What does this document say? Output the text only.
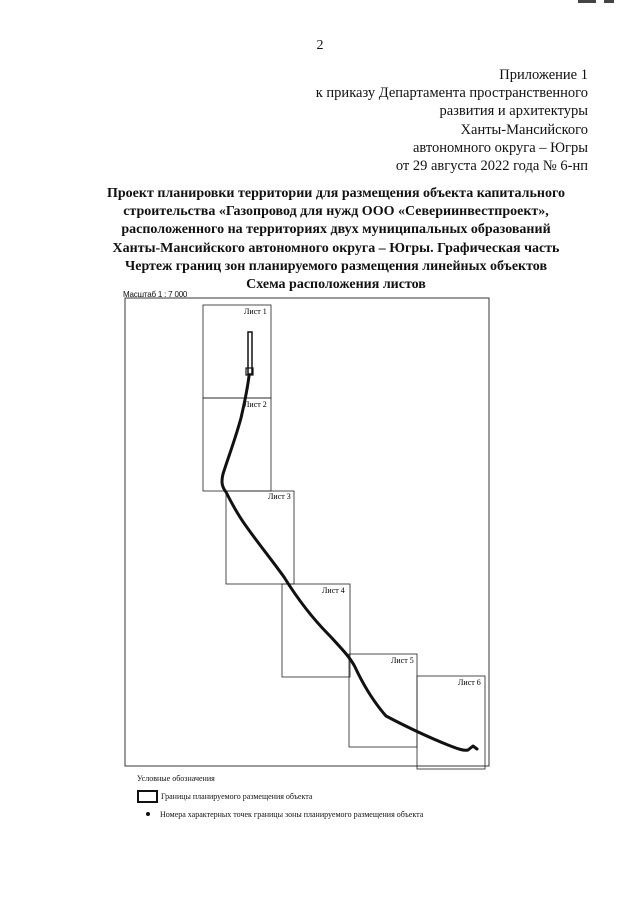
2
Приложение 1
к приказу Департамента пространственного
развития и архитектуры
Ханты-Мансийского
автономного округа – Югры
от 29 августа 2022 года № 6-нп
Проект планировки территории для размещения объекта капитального
строительства «Газопровод для нужд ООО «Севериинвестпроект»,
расположенного на территориях двух муниципальных образований
Ханты-Мансийского автономного округа – Югры. Графическая часть
Чертеж границ зон планируемого размещения линейных объектов
Схема расположения листов
Масштаб 1 : 7 000
Лист 1
Лист 2
Лист 3
Лист 4
Лист 5
Лист 6
Условные обозначения
Границы планируемого размещения объекта
Номера характерных точек границы зоны планируемого размещения объекта
